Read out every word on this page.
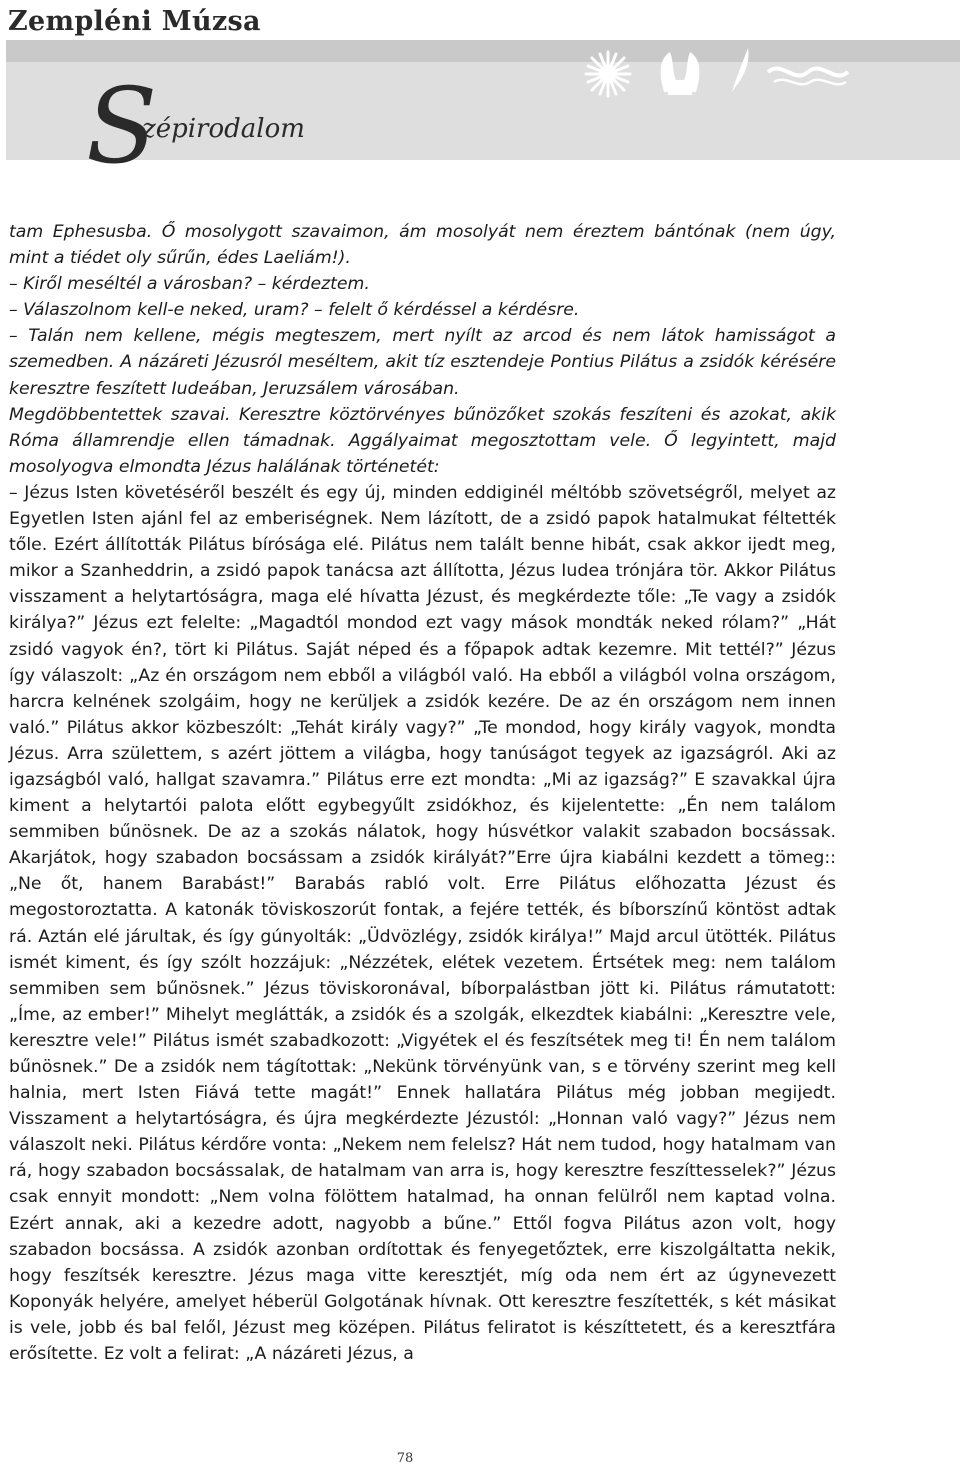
Zempléni Múzsa
S
zépirodalom

tam Ephesusba. Ő mosolygott szavaimon, ám mosolyát nem éreztem bántónak (nem úgy, mint a tiédet oly sűrűn, édes Laeliám!).

– Kiről meséltél a városban? – kérdeztem.

– Válaszolnom kell-e neked, uram? – felelt ő kérdéssel a kérdésre.

– Talán nem kellene, mégis megteszem, mert nyílt az arcod és nem látok hamisságot a szemedben. A názáreti Jézusról meséltem, akit tíz esztendeje Pontius Pilátus a zsidók kérésére keresztre feszített Iudeában, Jeruzsálem városában.

Megdöbbentettek szavai. Keresztre köztörvényes bűnözőket szokás feszíteni és azokat, akik Róma államrendje ellen támadnak. Aggályaimat megosztottam vele. Ő legyintett, majd mosolyogva elmondta Jézus halálának történetét:

– Jézus Isten követéséről beszélt és egy új, minden eddiginél méltóbb szövetségről, melyet az Egyetlen Isten ajánl fel az emberiségnek. Nem lázított, de a zsidó papok hatalmukat féltették tőle. Ezért állították Pilátus bírósága elé. Pilátus nem talált benne hibát, csak akkor ijedt meg, mikor a Szanheddrin, a zsidó papok tanácsa azt állította, Jézus Iudea trónjára tör. Akkor Pilátus visszament a helytartóságra, maga elé hívatta Jézust, és megkérdezte tőle: „Te vagy a zsidók királya?” Jézus ezt felelte: „Magadtól mondod ezt vagy mások mondták neked rólam?” „Hát zsidó vagyok én?, tört ki Pilátus. Saját néped és a főpapok adtak kezemre. Mit tettél?” Jézus így válaszolt: „Az én országom nem ebből a világból való. Ha ebből a világból volna országom, harcra kelnének szolgáim, hogy ne kerüljek a zsidók kezére. De az én országom nem innen való.” Pilátus akkor közbeszólt: „Tehát király vagy?” „Te mondod, hogy király vagyok, mondta Jézus. Arra születtem, s azért jöttem a világba, hogy tanúságot tegyek az igazságról. Aki az igazságból való, hallgat szavamra.” Pilátus erre ezt mondta: „Mi az igazság?” E szavakkal újra kiment a helytartói palota előtt egybegyűlt zsidókhoz, és kijelentette: „Én nem találom semmiben bűnösnek. De az a szokás nálatok, hogy húsvétkor valakit szabadon bocsássak. Akarjátok, hogy szabadon bocsássam a zsidók királyát?”Erre újra kiabálni kezdett a tömeg:: „Ne őt, hanem Barabást!” Barabás rabló volt. Erre Pilátus előhozatta Jézust és megostoroztatta. A katonák töviskoszorút fontak, a fejére tették, és bíborszínű köntöst adtak rá. Aztán elé járultak, és így gúnyolták: „Üdvözlégy, zsidók királya!” Majd arcul ütötték. Pilátus ismét kiment, és így szólt hozzájuk: „Nézzétek, elétek vezetem. Értsétek meg: nem találom semmiben sem bűnösnek.” Jézus töviskoronával, bíborpalástban jött ki. Pilátus rámutatott: „Íme, az ember!” Mihelyt meglátták, a zsidók és a szolgák, elkezdtek kiabálni: „Keresztre vele, keresztre vele!” Pilátus ismét szabadkozott: „Vigyétek el és feszítsétek meg ti! Én nem találom bűnösnek.” De a zsidók nem tágítottak: „Nekünk törvényünk van, s e törvény szerint meg kell halnia, mert Isten Fiává tette magát!” Ennek hallatára Pilátus még jobban megijedt. Visszament a helytartóságra, és újra megkérdezte Jézustól: „Honnan való vagy?” Jézus nem válaszolt neki. Pilátus kérdőre vonta: „Nekem nem felelsz? Hát nem tudod, hogy hatalmam van rá, hogy szabadon bocsássalak, de hatalmam van arra is, hogy keresztre feszíttesselek?” Jézus csak ennyit mondott: „Nem volna fölöttem hatalmad, ha onnan felülről nem kaptad volna. Ezért annak, aki a kezedre adott, nagyobb a bűne.” Ettől fogva Pilátus azon volt, hogy szabadon bocsássa. A zsidók azonban ordítottak és fenyegetőztek, erre kiszolgáltatta nekik, hogy feszítsék keresztre. Jézus maga vitte keresztjét, míg oda nem ért az úgynevezett Koponyák helyére, amelyet héberül Golgotának hívnak. Ott keresztre feszítették, s két másikat is vele, jobb és bal felől, Jézust meg középen. Pilátus feliratot is készíttetett, és a keresztfára erősítette. Ez volt a felirat: „A názáreti Jézus, a

78
